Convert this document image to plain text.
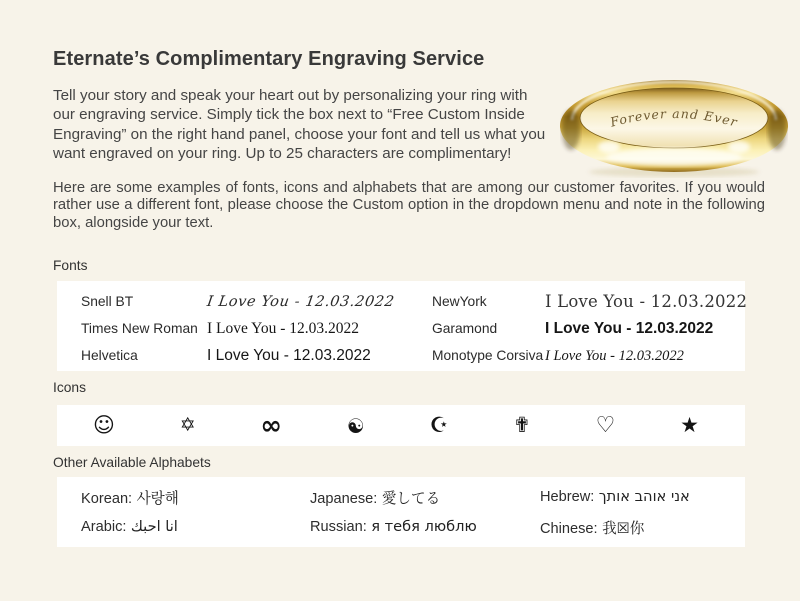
Eternate’s Complimentary Engraving Service

Tell your story and speak your heart out by personalizing your ring with our engraving service. Simply tick the box next to “Free Custom Inside Engraving” on the right hand panel, choose your font and tell us what you want engraved on your ring. Up to 25 characters are complimentary!

Forever and Ever

Here are some examples of fonts, icons and alphabets that are among our customer favorites. If you would rather use a different font, please choose the Custom option in the dropdown menu and note in the following box, alongside your text.

Fonts
Snell BT	I Love You - 12.03.2022	NewYork	I Love You - 12.03.2022
Times New Roman I Love You - 12.03.2022	Garamond	I Love You - 12.03.2022
Helvetica	I Love You - 12.03.2022	Monotype Corsiva I Love You - 12.03.2022
Icons
☺	✡ ∞	☯	☪	✟	♡	★
Other Available Alphabets
Korean: 사랑해	Japanese: 愛してる	Hebrew: אני אוהב אותך
Arabic: انا احبك	Russian: я тебя люблю	Chinese: 我☒你
